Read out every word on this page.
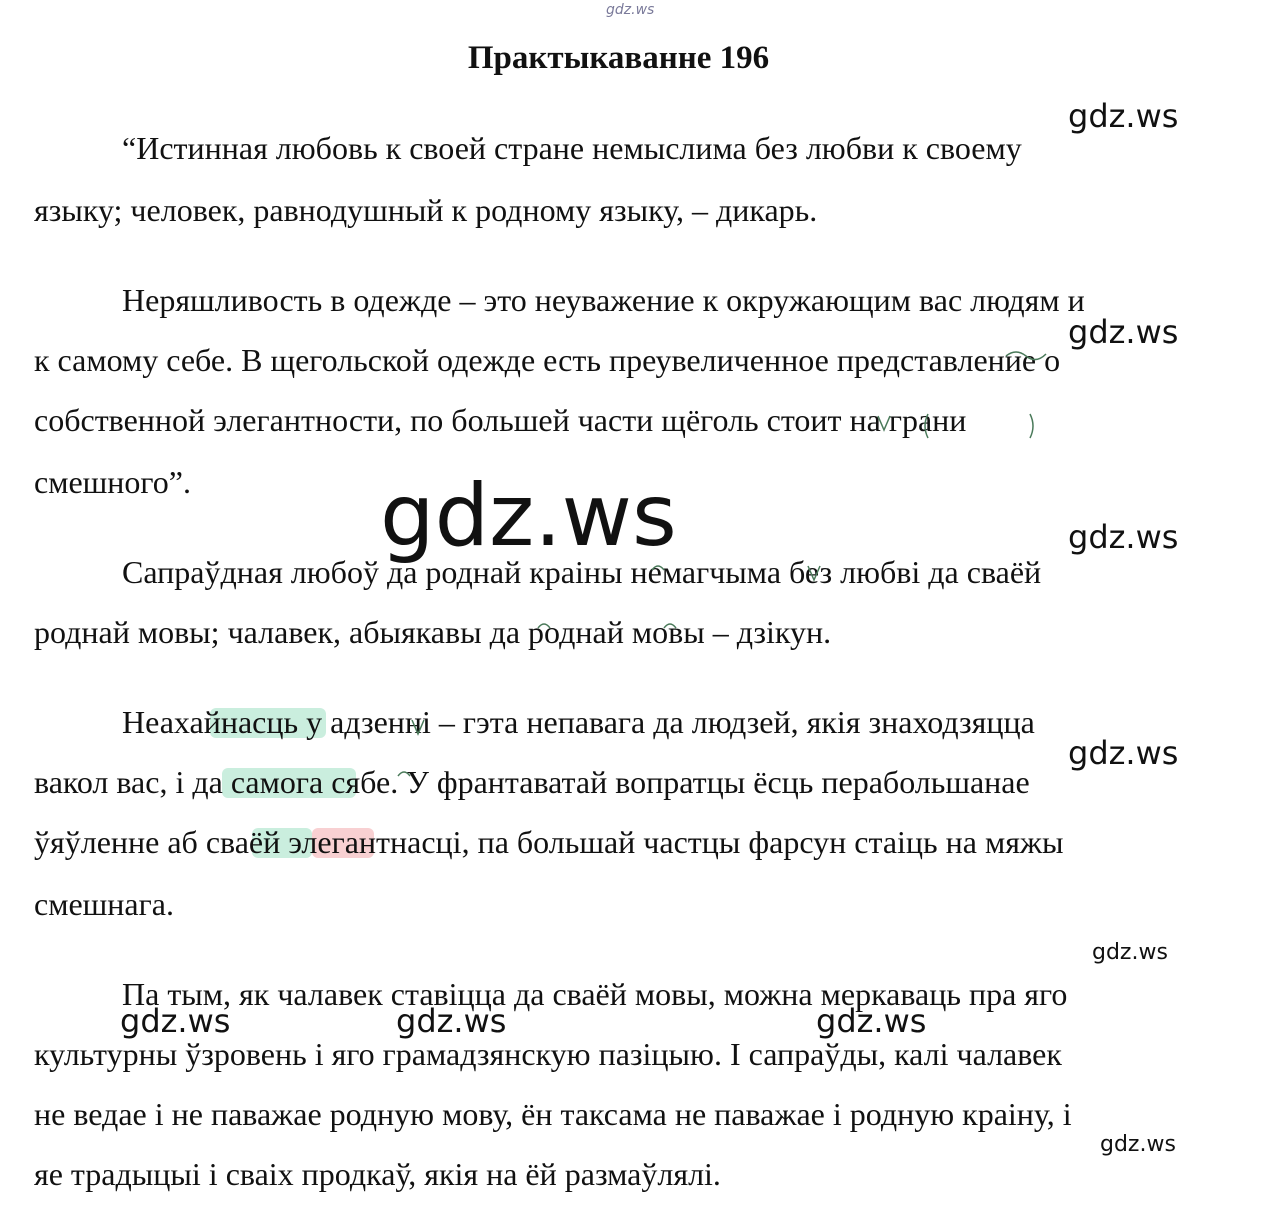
gdz.ws
Практыкаванне 196
gdz.ws
“Истинная любовь к своей стране немыслима без любви к своему
языку; человек, равнодушный к родному языку, – дикарь.
Неряшливость в одежде – это неуважение к окружающим вас людям и
gdz.ws
к самому себе. В щегольской одежде есть преувеличенное представление о
собственной элегантности, по большей части щёголь стоит на грани
смешного”. gdz.ws	gdz.ws
Сапраўдная любоў да роднай краіны немагчыма без любві да сваёй
роднай мовы; чалавек, абыякавы да роднай мовы – дзікун.
Неахайнасць у адзенні – гэта непавага да людзей, якія знаходзяцца
gdz.ws
вакол вас, і да самога сябе. У франтаватай вопратцы ёсць перабольшанае
ўяўленне аб сваёй элегантнасці, па большай частцы фарсун стаіць на мяжы
смешнага.
gdz.ws
Па тым, як чалавек ставіцца да сваёй мовы, можна меркаваць пра яго
gdz.ws	gdz.ws	gdz.ws
культурны ўзровень і яго грамадзянскую пазіцыю. І сапраўды, калі чалавек
не ведае і не паважае родную мову, ён таксама не паважае і родную краіну, і
gdz.ws
яе традыцыі і сваіх продкаў, якія на ёй размаўлялі.
